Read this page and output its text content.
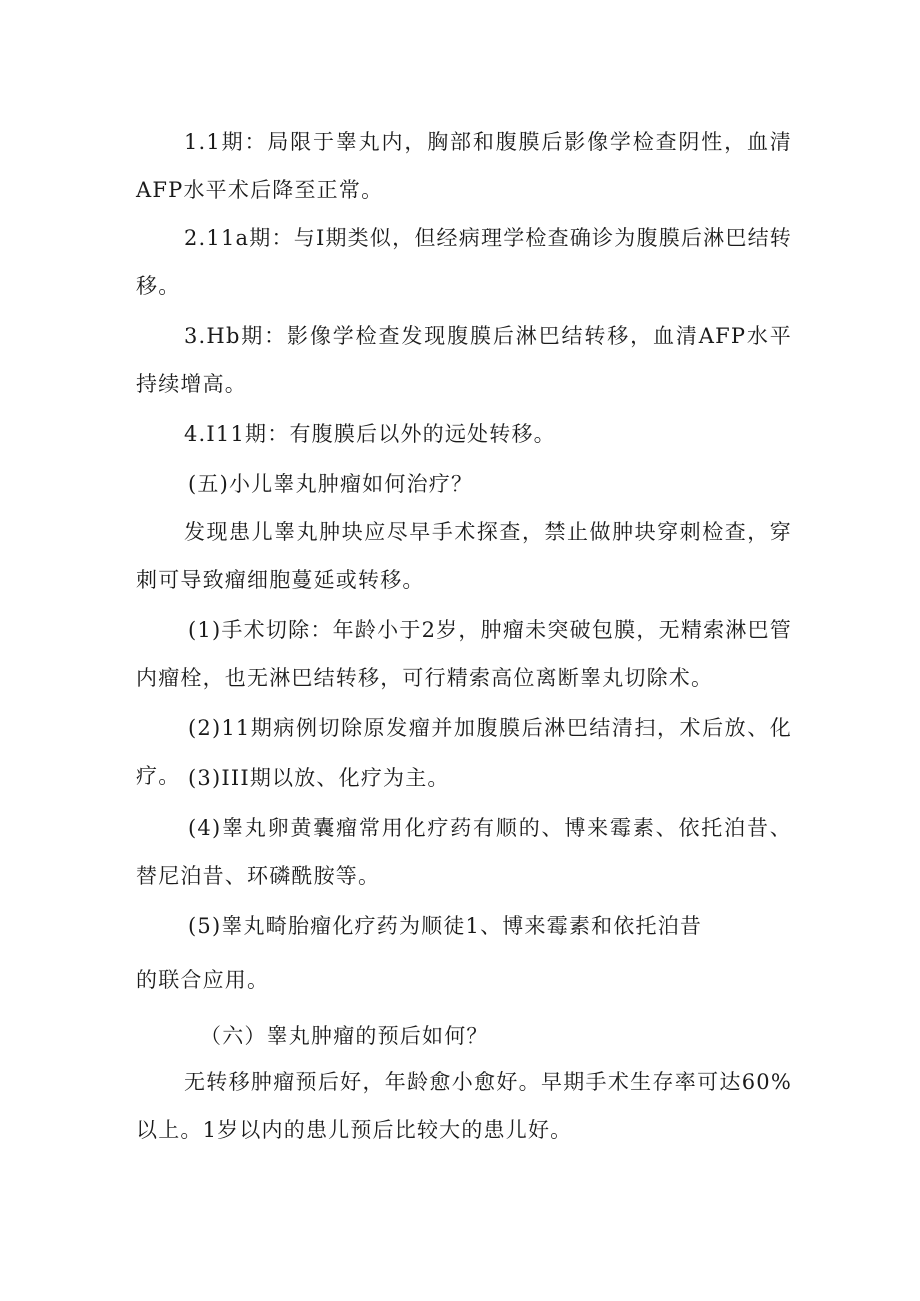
1.1期：局限于睾丸内，胸部和腹膜后影像学检查阴性，血清AFP水平术后降至正常。

2.11a期：与Ⅰ期类似，但经病理学检查确诊为腹膜后淋巴结转移。

3.Hb期：影像学检查发现腹膜后淋巴结转移，血清AFP水平持续增高。

4.I11期：有腹膜后以外的远处转移。

(五)小儿睾丸肿瘤如何治疗？

发现患儿睾丸肿块应尽早手术探查，禁止做肿块穿刺检查，穿刺可导致瘤细胞蔓延或转移。

(1)手术切除：年龄小于2岁，肿瘤未突破包膜，无精索淋巴管内瘤栓，也无淋巴结转移，可行精索高位离断睾丸切除术。

(2)11期病例切除原发瘤并加腹膜后淋巴结清扫，术后放、化疗。 (3)III期以放、化疗为主。

(4)睾丸卵黄囊瘤常用化疗药有顺的、博来霉素、依托泊昔、替尼泊昔、环磷酰胺等。

(5)睾丸畸胎瘤化疗药为顺徒1、博来霉素和依托泊昔

的联合应用。

（六）睾丸肿瘤的预后如何？

无转移肿瘤预后好，年龄愈小愈好。早期手术生存率可达60%以上。1岁以内的患儿预后比较大的患儿好。
